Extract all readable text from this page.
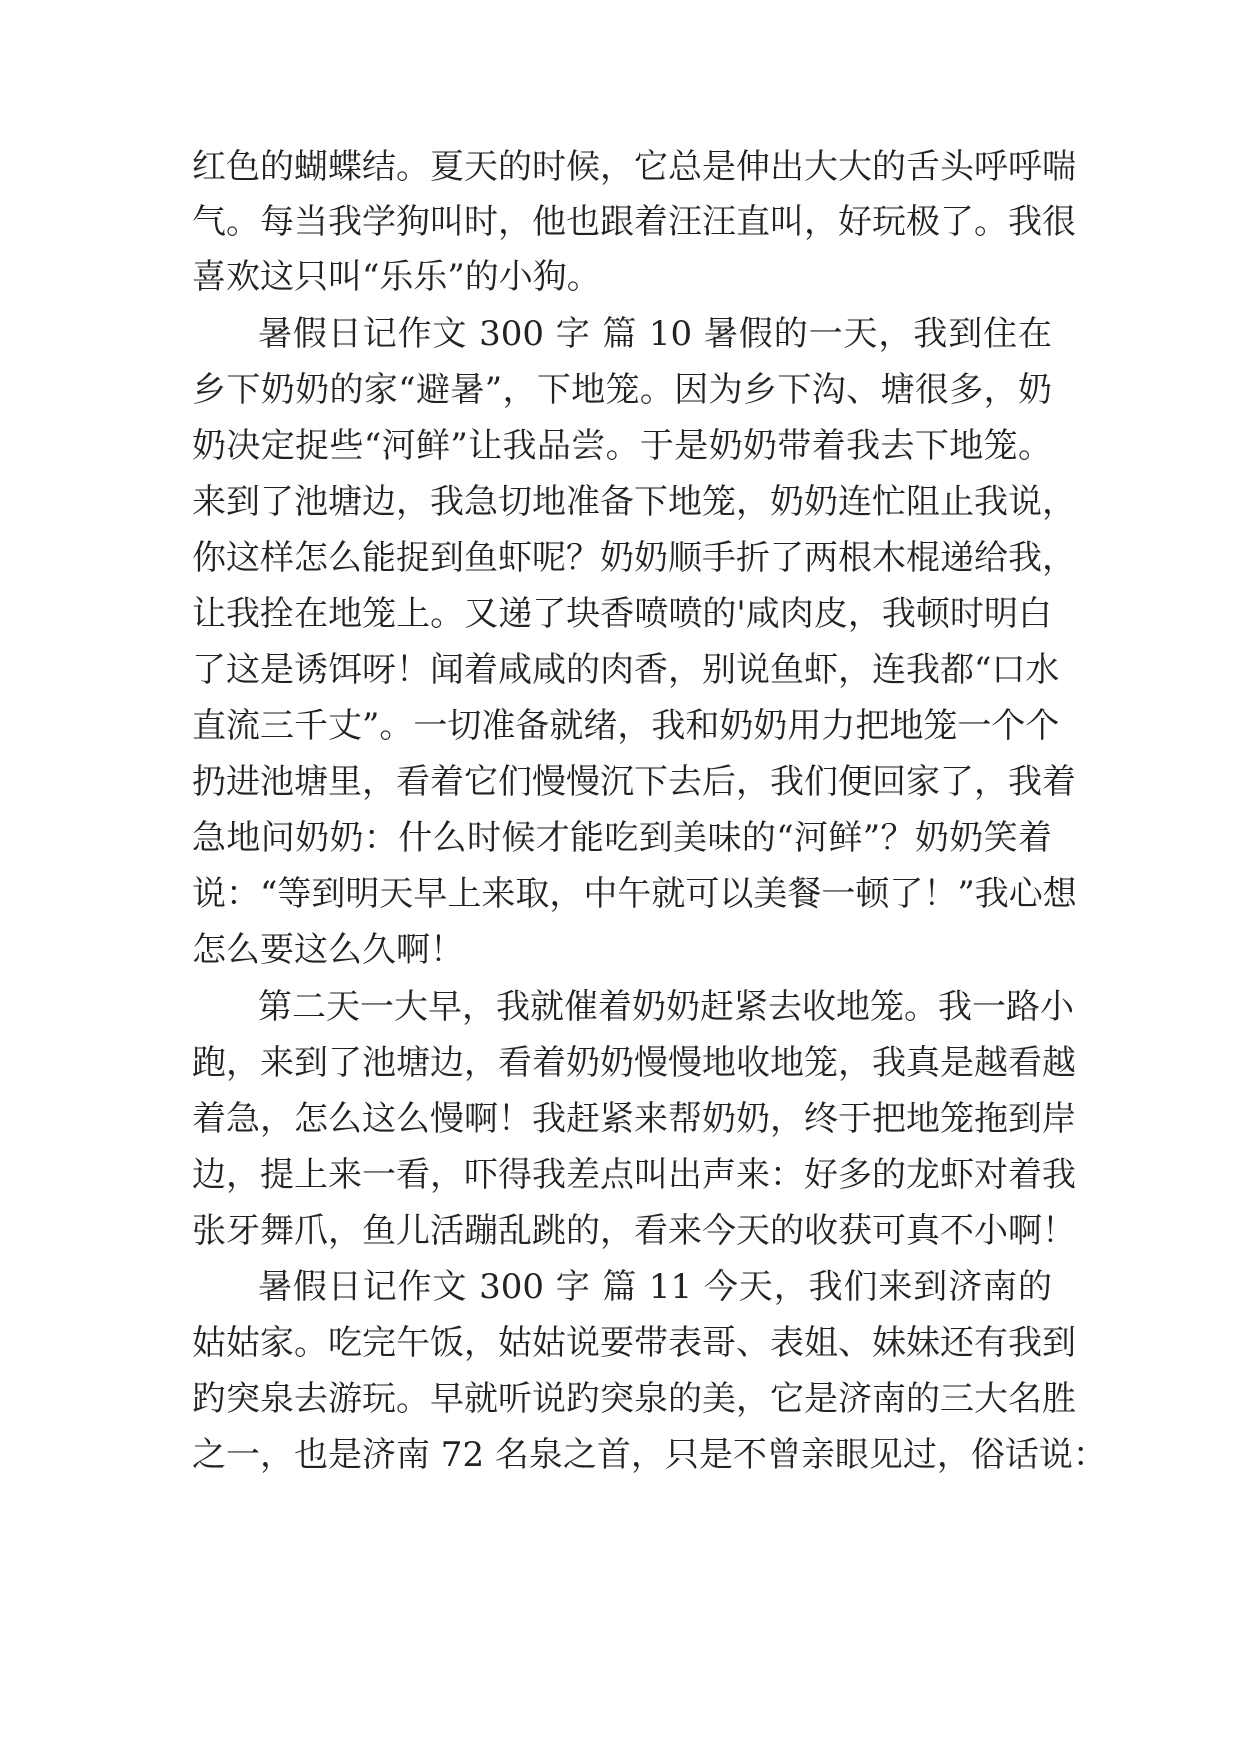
红色的蝴蝶结。夏天的时候，它总是伸出大大的舌头呼呼喘
气。每当我学狗叫时，他也跟着汪汪直叫，好玩极了。我很
喜欢这只叫“乐乐”的小狗。
暑假日记作文 300 字 篇 10 暑假的一天，我到住在
乡下奶奶的家“避暑”，下地笼。因为乡下沟、塘很多，奶
奶决定捉些“河鲜”让我品尝。于是奶奶带着我去下地笼。
来到了池塘边，我急切地准备下地笼，奶奶连忙阻止我说，
你这样怎么能捉到鱼虾呢？奶奶顺手折了两根木棍递给我，
让我拴在地笼上。又递了块香喷喷的'咸肉皮，我顿时明白
了这是诱饵呀！闻着咸咸的肉香，别说鱼虾，连我都“口水
直流三千丈”。一切准备就绪，我和奶奶用力把地笼一个个
扔进池塘里，看着它们慢慢沉下去后，我们便回家了，我着
急地问奶奶：什么时候才能吃到美味的“河鲜”？奶奶笑着
说：“等到明天早上来取，中午就可以美餐一顿了！”我心想
怎么要这么久啊！
第二天一大早，我就催着奶奶赶紧去收地笼。我一路小
跑，来到了池塘边，看着奶奶慢慢地收地笼，我真是越看越
着急，怎么这么慢啊！我赶紧来帮奶奶，终于把地笼拖到岸
边，提上来一看，吓得我差点叫出声来：好多的龙虾对着我
张牙舞爪，鱼儿活蹦乱跳的，看来今天的收获可真不小啊！
暑假日记作文 300 字 篇 11 今天，我们来到济南的
姑姑家。吃完午饭，姑姑说要带表哥、表姐、妹妹还有我到
趵突泉去游玩。早就听说趵突泉的美，它是济南的三大名胜
之一，也是济南 72 名泉之首，只是不曾亲眼见过，俗话说：
